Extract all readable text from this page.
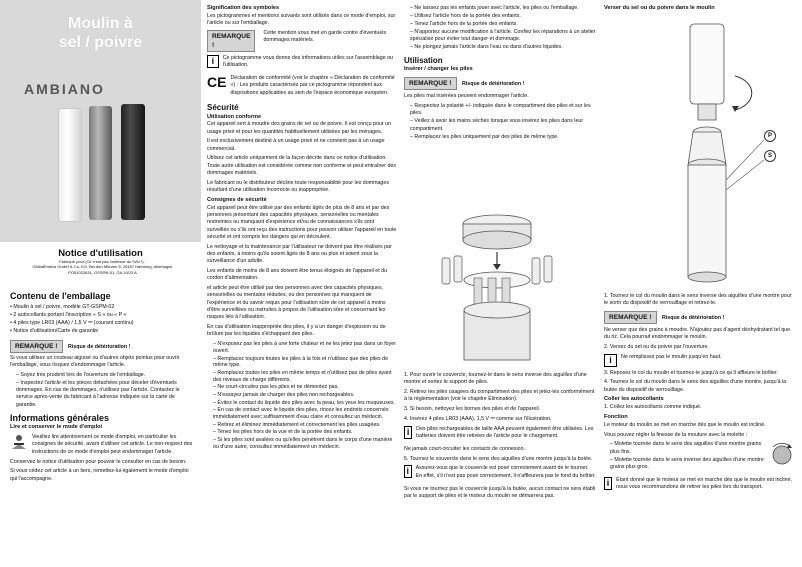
Moulin à
sel / poivre
AMBIANO
Notice d'utilisation
Fabriqué pour (Ce n'est pas l'adresse du SAV !) :
GlobalEntrics GmbH & Co. KG, Bei den Mühren 5, 20457 Hamburg, Allemagne
PO51022631, GSSPM-01, GA 19/23 A
Contenu de l'emballage
• Moulin à sel / poivre, modèle GT-GSPM-02
• 2 autocollants portant l'inscription « S » ou « P »
• 4 piles type LR03 (AAA) / 1,5 V ⎓ (courant continu)
• Notice d'utilisation/Carte de garantie
REMARQUE ! Risque de détérioration !

Si vous utilisez un couteau aiguisé ou d'autres objets pointus pour ouvrir l'emballage, vous risquez d'endommager l'article.

– Soyez très prudent lors de l'ouverture de l'emballage.
– Inspectez l'article et les pièces détachées pour déceler d'éventuels dommages. En cas de dommages, n'utilisez pas l'article. Contactez le service après-vente du fabricant à l'adresse indiquée sur la carte de garantie.
Informations générales
Lire et conserver le mode d'emploi

Veuillez lire attentivement ce mode d'emploi, en particulier les consignes de sécurité, avant d'utiliser cet article. Le non-respect des instructions de ce mode d'emploi peut endommager l'article.

Conservez le notice d'utilisation pour pouvoir le consulter en cas de besoin.

Si vous cédez cet article à un tiers, remettez-lui également le mode d'emploi qui l'accompagne.

Signification des symboles

Les pictogrammes et mentions suivants sont utilisés dans ce mode d'emploi, sur l'article ou sur l'emballage.

REMARQUE !

Cette mention vous met en garde contre d'éventuels dommages matériels.

i	Ce pictogramme vous donne des informations utiles sur l'assemblage ou l'utilisation.

CE Déclaration de conformité (voir le chapitre « Déclaration de conformité ») : Les produits caractérisés par ce pictogramme répondent aux dispositions applicables au sein de l'espace économique européen.

Sécurité
Utilisation conforme

Cet appareil sert à moudre des grains de sel ou de poivre. Il est conçu pour un usage privé et pour les quantités habituellement utilisées par les ménages.

Il est exclusivement destiné à un usage privé et ne convient pas à un usage commercial.

Utilisez cet article uniquement de la façon décrite dans ce notice d'utilisation. Toute autre utilisation est considérée comme non conforme et peut entraîner des dommages matériels.

Le fabricant ou le distributeur décline toute responsabilité pour les dommages résultant d'une utilisation incorrecte ou inappropriée.

Consignes de sécurité

Cet appareil peut être utilisé par des enfants âgés de plus de 8 ans et par des personnes présentant des capacités physiques, sensorielles ou mentales restreintes ou manquant d'expérience et/ou de connaissances s'ils sont surveillés ou s'ils ont reçu des instructions pour pouvoir utiliser l'appareil en toute sécurité et ont compris les dangers qui en découlent.

Le nettoyage et la maintenance par l'utilisateur ne doivent pas être réalisés par des enfants, à moins qu'ils soient âgés de 8 ans ou plus et soient sous la surveillance d'un adulte.

Les enfants de moins de 8 ans doivent être tenus éloignés de l'appareil et du cordon d'alimentation.

et article peut être utilisé par des personnes avec des capacités physiques, sensorielles ou mentales réduites, ou des personnes qui manquent de l'expérience et du savoir requis pour l'utilisation sûre de cet appareil à moins d'être surveillées ou instruites à propos de l'utilisation sûre et concernant les risques liés à l'utilisation.

En cas d'utilisation inappropriée des piles, il y a un danger d'explosion ou de brûlure par les liquides s'échappant des piles.

– N'exposez pas les piles à une forte chaleur et ne les jetez pas dans un foyer ouvert.
– Remplacez toujours toutes les piles à la fois et n'utilisez que des piles de même type.
– Remplacez toutes les piles en même temps et n'utilisez pas de piles ayant des niveaux de charge différents.
– Ne court-circuitez pas les piles et ne démontez pas.
– N'essayez jamais de charger des piles non rechargeables.
– Évitez le contact du liquide des piles avec la peau, les yeux les muqueuses.
– En cas de contact avec le liquide des piles, rincez les endroits concernés immédiatement avec suffisamment d'eau claire et consultez un médecin.
– Retirez et éliminez immédiatement et correctement les piles usagées.
– Tenez les piles hors de la vue et de la portée des enfants.
– Si les piles sont avalées ou qu'elles pénètrent dans le corps d'une manière ou d'une autre, consultez immédiatement un médecin.
– Ne laissez pas les enfants jouer avec l'article, les piles ou l'emballage.
– Utilisez l'article hors de la portée des enfants.
– Tenez l'article hors de la portée des enfants.
– N'apportez aucune modification à l'article. Confiez les réparations à un atelier spécialisé pour éviter tout danger et dommage.
– Ne plongez jamais l'article dans l'eau ou dans d'autres liquides.
Utilisation
Insérer / changer les piles
REMARQUE ! Risque de détérioration !

Les piles mal insérées peuvent endommager l'article.

– Respectez la polarité +/- indiquée dans le compartiment des piles et sur les piles.
– Veillez à avoir les mains sèches lorsque vous insérez les piles dans leur compartiment.
– Remplacez les piles uniquement par des piles de même type.

1. Pour ouvrir le couvercle, tournez-le dans le sens inverse des aiguilles d'une montre et sortez le support de piles.

2. Retirez les piles usagées du compartiment des piles et jetez-les conformément à la réglementation (voir le chapitre Élimination).

3. Si besoin, nettoyez les bornes des piles et de l'appareil.

4. Insérez 4 piles LR03 (AAA), 1,5 V ⎓ comme sur l'illustration.

i	Des piles rechargeables de taille AAA peuvent également être utilisées. Les batteries doivent être retirées de l'article pour le chargement.

Ne jamais court-circuiter les contacts de connexion.

5. Tournez le couvercle dans le sens des aiguilles d'une montre jusqu'à la butée.

i	Assurez-vous que le couvercle est posé correctement avant de le tourner. En effet, s'il n'est pas posé correctement, il n'affleurera pas le fond du boîtier.

Si vous ne tournez pas le couvercle jusqu'à la butée, aucun contact ne sera établi par le support de piles et le moteur du moulin ne démarrera pas.

Verser du sel ou du poivre dans le moulin
P
S

1. Tournez le col du moulin dans le sens inverse des aiguilles d'une montre pour le sortir du dispositif de verrouillage et retirez-le.

REMARQUE ! Risque de détérioration !

Ne verser que des grains à moudre. N'ajoutez pas d'agent déshydratant tel que du riz. Cela pourrait endommager le moulin.

2. Versez du sel ou du poivre par l'ouverture.

i	Ne remplissez pas le moulin jusqu'en haut.

3. Reposez le col du moulin et tournez-le jusqu'à ce qu'il affleure le boîtier.

4. Tournez le col du moulin dans le sens des aiguilles d'une montre, jusqu'à la butée du dispositif de verrouillage.

Coller les autocollants

1. Collez les autocollants comme indiqué.

Fonction

Le moteur du moulin se met en marche dès que le moulin est incliné.

Vous pouvez régler la finesse de la mouture avec la molette :

– Molette tournée dans le sens des aiguilles d'une montre grains plus fins.
– Molette tournée dans le sens inverse des aiguilles d'une montre grains plus gros.
i	Étant donné que le moteur se met en marche dès que le moulin est incliné, nous vous recommandons de retirer les piles lors du transport.
